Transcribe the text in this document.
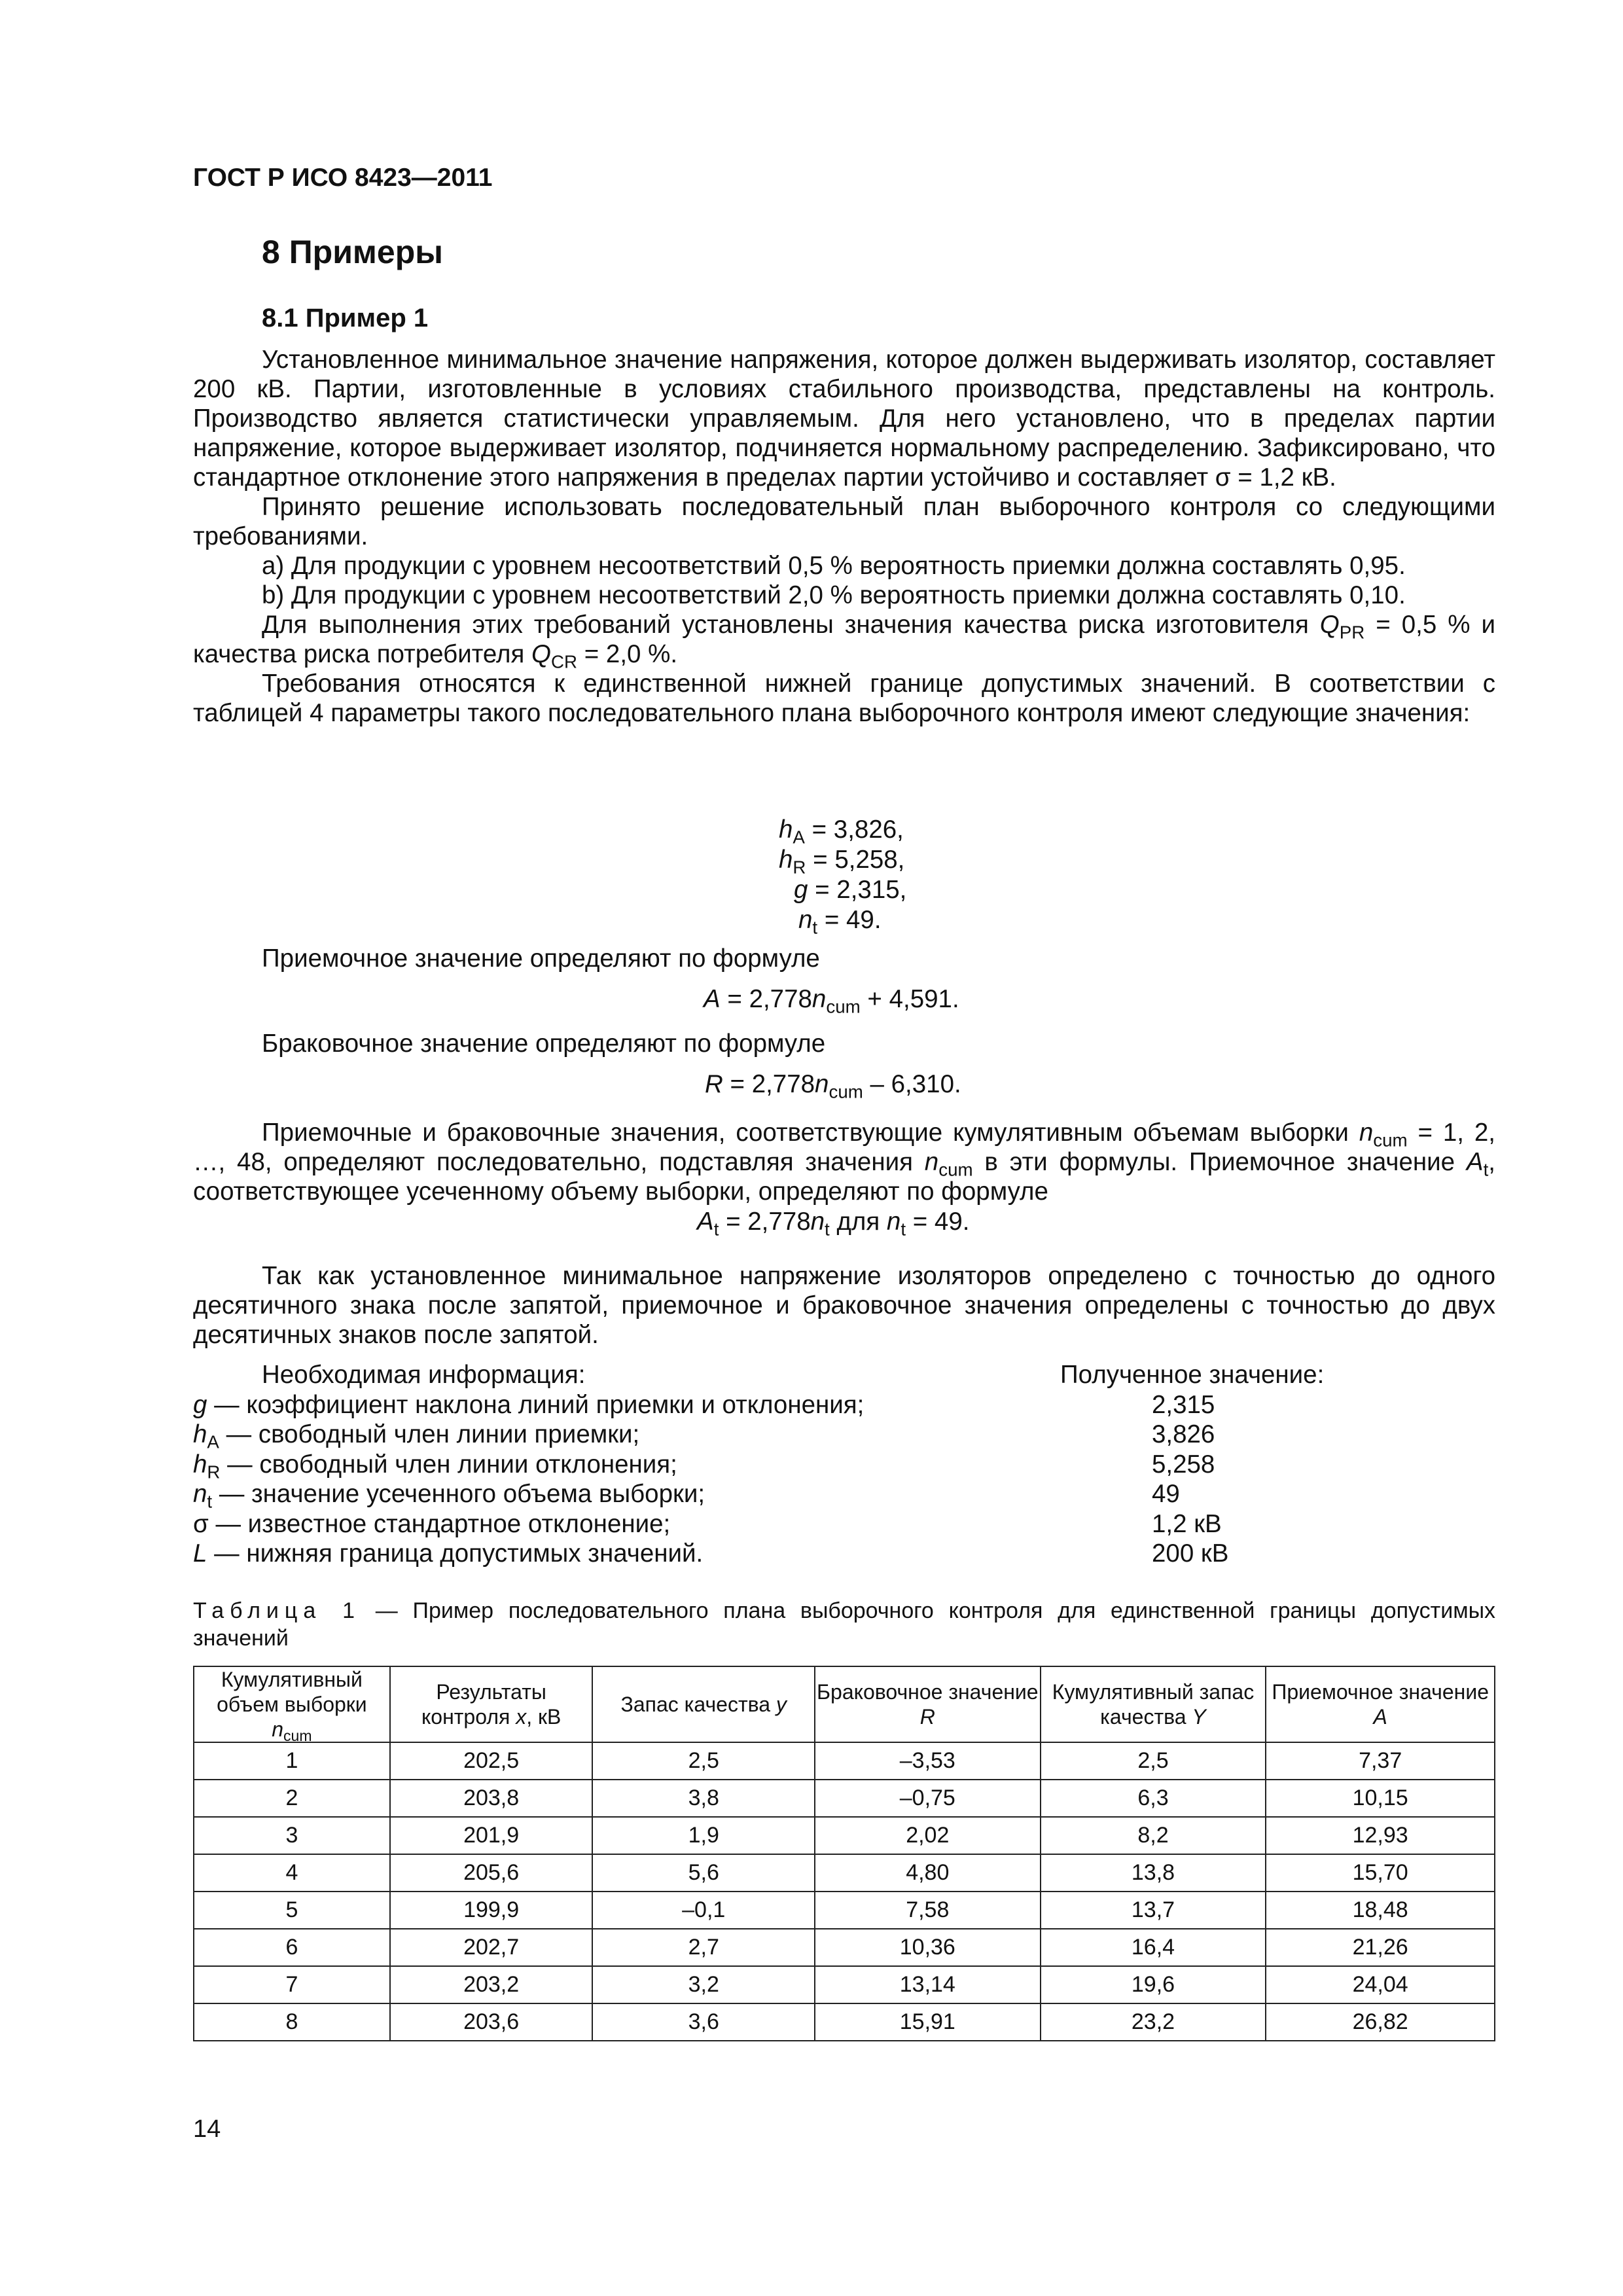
ГОСТ Р ИСО 8423—2011
8 Примеры
8.1 Пример 1

Установленное минимальное значение напряжения, которое должен выдерживать изолятор, составляет 200 кВ. Партии, изготовленные в условиях стабильного производства, представлены на контроль. Производство является статистически управляемым. Для него установлено, что в пределах партии напряжение, которое выдерживает изолятор, подчиняется нормальному распределению. Зафиксировано, что стандартное отклонение этого напряжения в пределах партии устойчиво и составляет σ = 1,2 кВ.

Принято решение использовать последовательный план выборочного контроля со следующими требованиями.

a) Для продукции с уровнем несоответствий 0,5 % вероятность приемки должна составлять 0,95.

b) Для продукции с уровнем несоответствий 2,0 % вероятность приемки должна составлять 0,10.

Для выполнения этих требований установлены значения качества риска изготовителя $Q_{PR} = 0,5$ % и качества риска потребителя $Q_{CR} = 2,0$ %.

Требования относятся к единственной нижней границе допустимых значений. В соответствии с таблицей 4 параметры такого последовательного плана выборочного контроля имеют следующие значения:

$h_A = 3,826$,
$h_R = 5,258$,
g = 2,315,
$n_t = 49$.
Приемочное значение определяют по формуле
$A = 2,778n_{cum} + 4,591$.
Браковочное значение определяют по формуле
$R = 2,778n_{cum} - 6,310$.

Приемочные и браковочные значения, соответствующие кумулятивным объемам выборки $n_{cum} = 1$, 2, …, 48, определяют последовательно, подставляя значения $n_{cum}$ в эти формулы. Приемочное значение $A_t$, соответствующее усеченному объему выборки, определяют по формуле

$A_t = 2,778n_t$ для $n_t = 49$.

Так как установленное минимальное напряжение изоляторов определено с точностью до одного десятичного знака после запятой, приемочное и браковочное значения определены с точностью до двух десятичных знаков после запятой.

Необходимая информация:	Полученное значение:
g — коэффициент наклона линий приемки и отклонения;	2,315
$h_A$ — свободный член линии приемки;	3,826
$h_R$ — свободный член линии отклонения;	5,258
$n_t$ — значение усеченного объема выборки;	49
σ — известное стандартное отклонение;	1,2 кВ
L — нижняя граница допустимых значений.	200 кВ
Таблица 1 — Пример последовательного плана выборочного контроля для единственной границы допустимых значений
Кумулятивный объем выборки $n_{cum}$	Результаты контроля x, кВ	Запас качества y	Браковочное значение R	Кумулятивный запас качества Y	Приемочное значение A
1	202,5	2,5	–3,53	2,5	7,37
2	203,8	3,8	–0,75	6,3	10,15
3	201,9	1,9	2,02	8,2	12,93
4	205,6	5,6	4,80	13,8	15,70
5	199,9	–0,1	7,58	13,7	18,48
6	202,7	2,7	10,36	16,4	21,26
7	203,2	3,2	13,14	19,6	24,04
8	203,6	3,6	15,91	23,2	26,82
14
